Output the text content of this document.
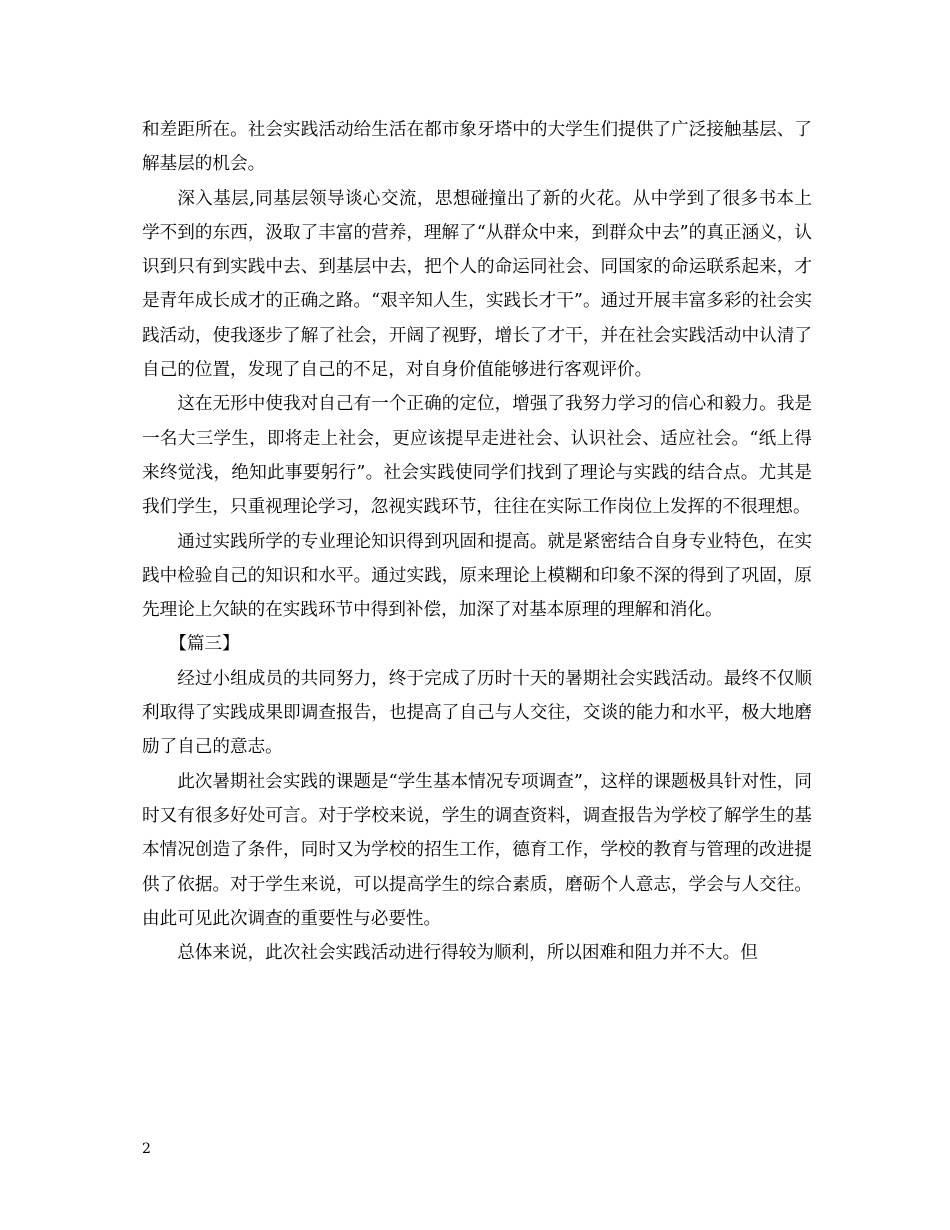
和差距所在。社会实践活动给生活在都市象牙塔中的大学生们提供了广泛接触基层、了解基层的机会。

深入基层,同基层领导谈心交流，思想碰撞出了新的火花。从中学到了很多书本上学不到的东西，汲取了丰富的营养，理解了“从群众中来，到群众中去”的真正涵义，认识到只有到实践中去、到基层中去，把个人的命运同社会、同国家的命运联系起来，才是青年成长成才的正确之路。“艰辛知人生，实践长才干”。通过开展丰富多彩的社会实践活动，使我逐步了解了社会，开阔了视野，增长了才干，并在社会实践活动中认清了自己的位置，发现了自己的不足，对自身价值能够进行客观评价。

这在无形中使我对自己有一个正确的定位，增强了我努力学习的信心和毅力。我是一名大三学生，即将走上社会，更应该提早走进社会、认识社会、适应社会。“纸上得来终觉浅，绝知此事要躬行”。社会实践使同学们找到了理论与实践的结合点。尤其是我们学生，只重视理论学习，忽视实践环节，往往在实际工作岗位上发挥的不很理想。

通过实践所学的专业理论知识得到巩固和提高。就是紧密结合自身专业特色，在实践中检验自己的知识和水平。通过实践，原来理论上模糊和印象不深的得到了巩固，原先理论上欠缺的在实践环节中得到补偿，加深了对基本原理的理解和消化。

【篇三】

经过小组成员的共同努力，终于完成了历时十天的暑期社会实践活动。最终不仅顺利取得了实践成果即调查报告，也提高了自己与人交往，交谈的能力和水平，极大地磨励了自己的意志。

此次暑期社会实践的课题是“学生基本情况专项调查”，这样的课题极具针对性，同时又有很多好处可言。对于学校来说，学生的调查资料，调查报告为学校了解学生的基本情况创造了条件，同时又为学校的招生工作，德育工作，学校的教育与管理的改进提供了依据。对于学生来说，可以提高学生的综合素质，磨砺个人意志，学会与人交往。由此可见此次调查的重要性与必要性。

总体来说，此次社会实践活动进行得较为顺利，所以困难和阻力并不大。但

2
